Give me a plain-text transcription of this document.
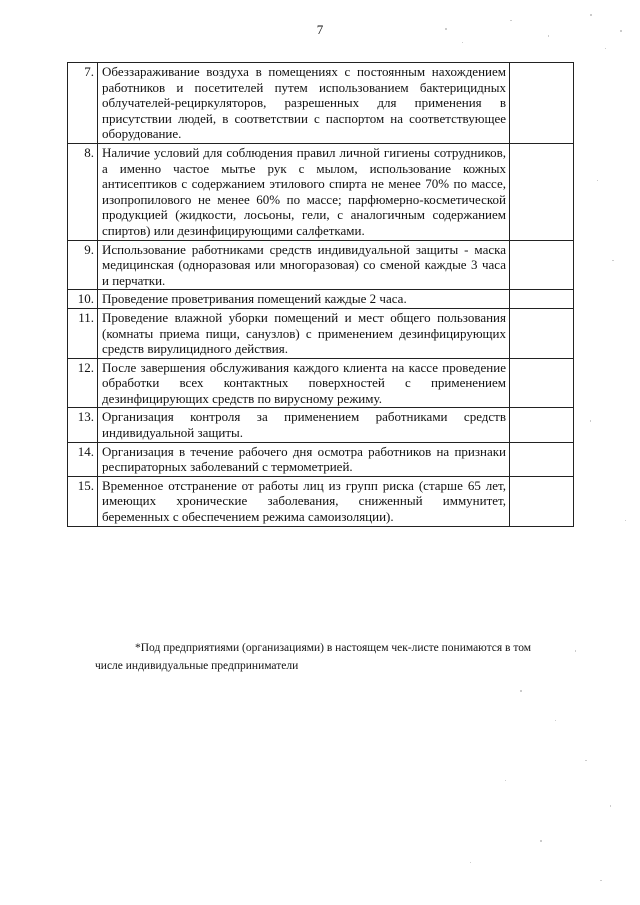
7
7.	Обеззараживание воздуха в помещениях с постоянным нахождением работников и посетителей путем использованием бактерицидных облучателей-рециркуляторов, разрешенных для применения в присутствии людей, в соответствии с паспортом на соответствующее оборудование.	
8.	Наличие условий для соблюдения правил личной гигиены сотрудников, а именно частое мытье рук с мылом, использование кожных антисептиков с содержанием этилового спирта не менее 70% по массе, изопропилового не менее 60% по массе; парфюмерно-косметической продукцией (жидкости, лосьоны, гели, с аналогичным содержанием спиртов) или дезинфицирующими салфетками.	
9.	Использование работниками средств индивидуальной защиты - маска медицинская (одноразовая или многоразовая) со сменой каждые 3 часа и перчатки.	
10.	Проведение проветривания помещений каждые 2 часа.	
11.	Проведение влажной уборки помещений и мест общего пользования (комнаты приема пищи, санузлов) с применением дезинфицирующих средств вирулицидного действия.	
12.	После завершения обслуживания каждого клиента на кассе проведение обработки всех контактных поверхностей с применением дезинфицирующих средств по вирусному режиму.	
13.	Организация контроля за применением работниками средств индивидуальной защиты.	
14.	Организация в течение рабочего дня осмотра работников на признаки респираторных заболеваний с термометрией.	
15.	Временное отстранение от работы лиц из групп риска (старше 65 лет, имеющих хронические заболевания, сниженный иммунитет, беременных с обеспечением режима самоизоляции).	
*Под предприятиями (организациями) в настоящем чек-листе понимаются в том
числе индивидуальные предприниматели
